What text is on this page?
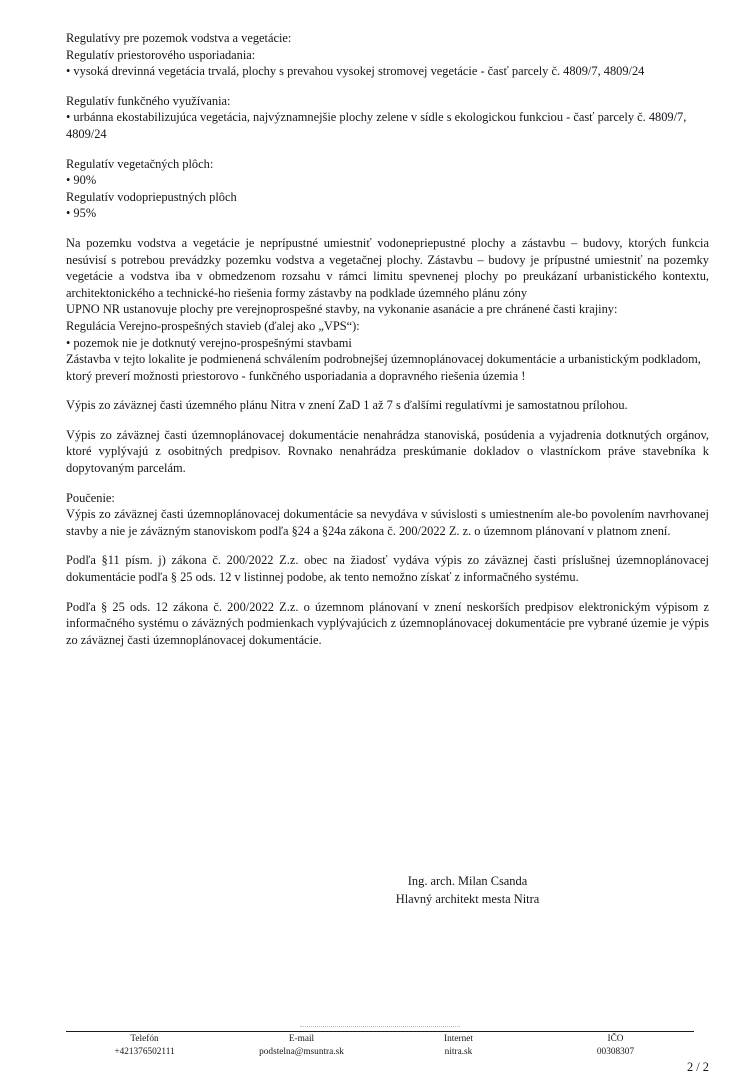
Regulatívy pre pozemok vodstva a vegetácie:

Regulatív priestorového usporiadania:

• vysoká drevinná vegetácia trvalá, plochy s prevahou vysokej stromovej vegetácie - časť parcely č. 4809/7, 4809/24

Regulatív funkčného využívania:

• urbánna ekostabilizujúca vegetácia, najvýznamnejšie plochy zelene v sídle s ekologickou funkciou - časť parcely č. 4809/7, 4809/24

Regulatív vegetačných plôch:

• 90%

Regulatív vodopriepustných plôch

• 95%

Na pozemku vodstva a vegetácie je neprípustné umiestniť vodonepriepustné plochy a zástavbu – budovy, ktorých funkcia nesúvisí s potrebou prevádzky pozemku vodstva a vegetačnej plochy. Zástavbu – budovy je prípustné umiestniť na pozemky vegetácie a vodstva iba v obmedzenom rozsahu v rámci limitu spevnenej plochy po preukázaní urbanistického kontextu, architektonického a technické-ho riešenia formy zástavby na podklade územného plánu zóny

UPNO NR ustanovuje plochy pre verejnoprospešné stavby, na vykonanie asanácie a pre chránené časti krajiny:

Regulácia Verejno-prospešných stavieb (ďalej ako „VPS“):

• pozemok nie je dotknutý verejno-prospešnými stavbami

Zástavba v tejto lokalite je podmienená schválením podrobnejšej územnoplánovacej dokumentácie a urbanistickým podkladom, ktorý preverí možnosti priestorovo - funkčného usporiadania a dopravného riešenia územia !

Výpis zo záväznej časti územného plánu Nitra v znení ZaD 1 až 7 s ďalšími regulatívmi je samostatnou prílohou.

Výpis zo záväznej časti územnoplánovacej dokumentácie nenahrádza stanoviská, posúdenia a vyjadrenia dotknutých orgánov, ktoré vyplývajú z osobitných predpisov. Rovnako nenahrádza preskúmanie dokladov o vlastníckom práve stavebníka k dopytovaným parcelám.

Poučenie:

Výpis zo záväznej časti územnoplánovacej dokumentácie sa nevydáva v súvislosti s umiestnením ale-bo povolením navrhovanej stavby a nie je záväzným stanoviskom podľa §24 a §24a zákona č. 200/2022 Z. z. o územnom plánovaní v platnom znení.

Podľa §11 písm. j) zákona č. 200/2022 Z.z. obec na žiadosť vydáva výpis zo záväznej časti príslušnej územnoplánovacej dokumentácie podľa § 25 ods. 12 v listinnej podobe, ak tento nemožno získať z informačného systému.

Podľa § 25 ods. 12 zákona č. 200/2022 Z.z. o územnom plánovaní v znení neskorších predpisov elektronickým výpisom z informačného systému o záväzných podmienkach vyplývajúcich z územnoplánovacej dokumentácie pre vybrané územie je výpis zo záväznej časti územnoplánovacej dokumentácie.

Ing. arch. Milan Csanda

Hlavný architekt mesta Nitra

Telefón
+421376502111
E-mail
podstelna@msuntra.sk
Internet
nitra.sk
IČO
00308307
2 / 2
